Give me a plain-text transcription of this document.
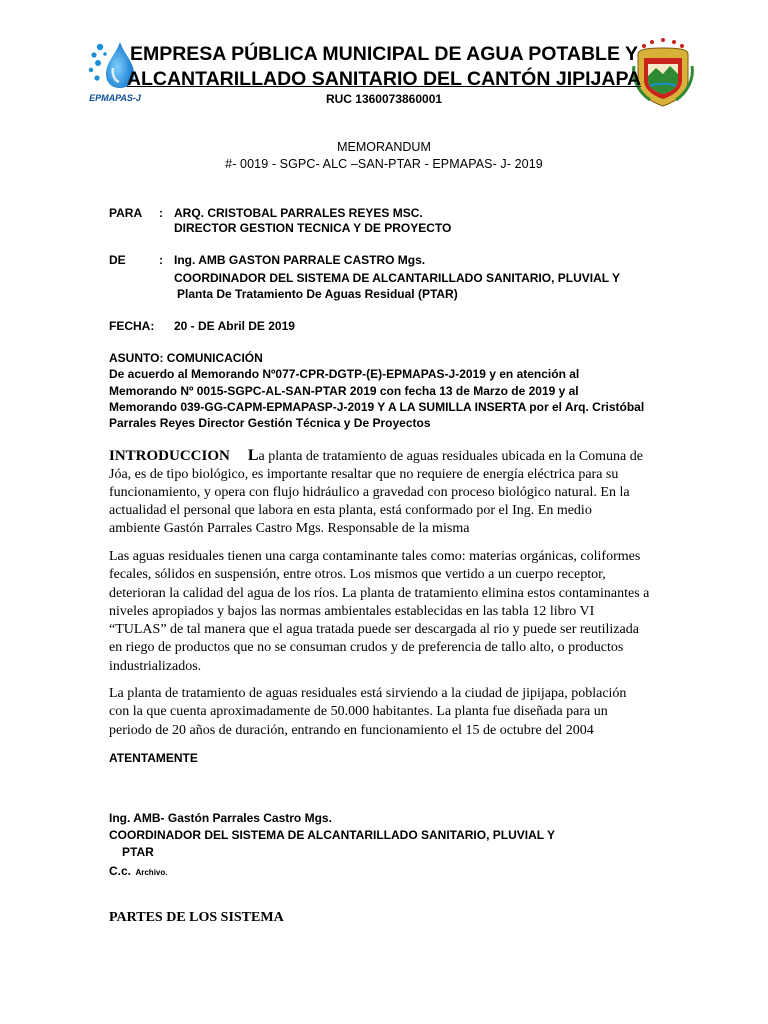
EPMAPAS-J
EMPRESA PÚBLICA MUNICIPAL DE AGUA POTABLE Y
ALCANTARILLADO SANITARIO DEL CANTÓN JIPIJAPA
RUC 1360073860001
MEMORANDUM
#- 0019 - SGPC- ALC –SAN-PTAR - EPMAPAS- J- 2019
PARA : ARQ. CRISTOBAL PARRALES REYES MSC.
DIRECTOR GESTION TECNICA Y DE PROYECTO
DE	: Ing. AMB GASTON PARRALE CASTRO Mgs.
COORDINADOR DEL SISTEMA DE ALCANTARILLADO SANITARIO, PLUVIAL Y
Planta De Tratamiento De Aguas Residual (PTAR)
FECHA: 20 - DE Abril DE 2019
ASUNTO: COMUNICACIÓN
De acuerdo al Memorando Nº077-CPR-DGTP-(E)-EPMAPAS-J-2019 y en atención al
Memorando Nº 0015-SGPC-AL-SAN-PTAR 2019 con fecha 13 de Marzo de 2019 y al
Memorando 039-GG-CAPM-EPMAPASP-J-2019 Y A LA SUMILLA INSERTA por el Arq. Cristóbal
Parrales Reyes Director Gestión Técnica y De Proyectos
INTRODUCCION La planta de tratamiento de aguas residuales ubicada en la Comuna de
Jóa, es de tipo biológico, es importante resaltar que no requiere de energía eléctrica para su
funcionamiento, y opera con flujo hidráulico a gravedad con proceso biológico natural. En la
actualidad el personal que labora en esta planta, está conformado por el Ing. En medio
ambiente Gastón Parrales Castro Mgs. Responsable de la misma
Las aguas residuales tienen una carga contaminante tales como: materias orgánicas, coliformes
fecales, sólidos en suspensión, entre otros. Los mismos que vertido a un cuerpo receptor,
deterioran la calidad del agua de los ríos. La planta de tratamiento elimina estos contaminantes a
niveles apropiados y bajos las normas ambientales establecidas en las tabla 12 libro VI
“TULAS” de tal manera que el agua tratada puede ser descargada al rio y puede ser reutilizada
en riego de productos que no se consuman crudos y de preferencia de tallo alto, o productos
industrializados.
La planta de tratamiento de aguas residuales está sirviendo a la ciudad de jipijapa, población
con la que cuenta aproximadamente de 50.000 habitantes. La planta fue diseñada para un
periodo de 20 años de duración, entrando en funcionamiento el 15 de octubre del 2004
ATENTAMENTE
Ing. AMB- Gastón Parrales Castro Mgs.
COORDINADOR DEL SISTEMA DE ALCANTARILLADO SANITARIO, PLUVIAL Y
PTAR
C.c. Archivo.
PARTES DE LOS SISTEMA
